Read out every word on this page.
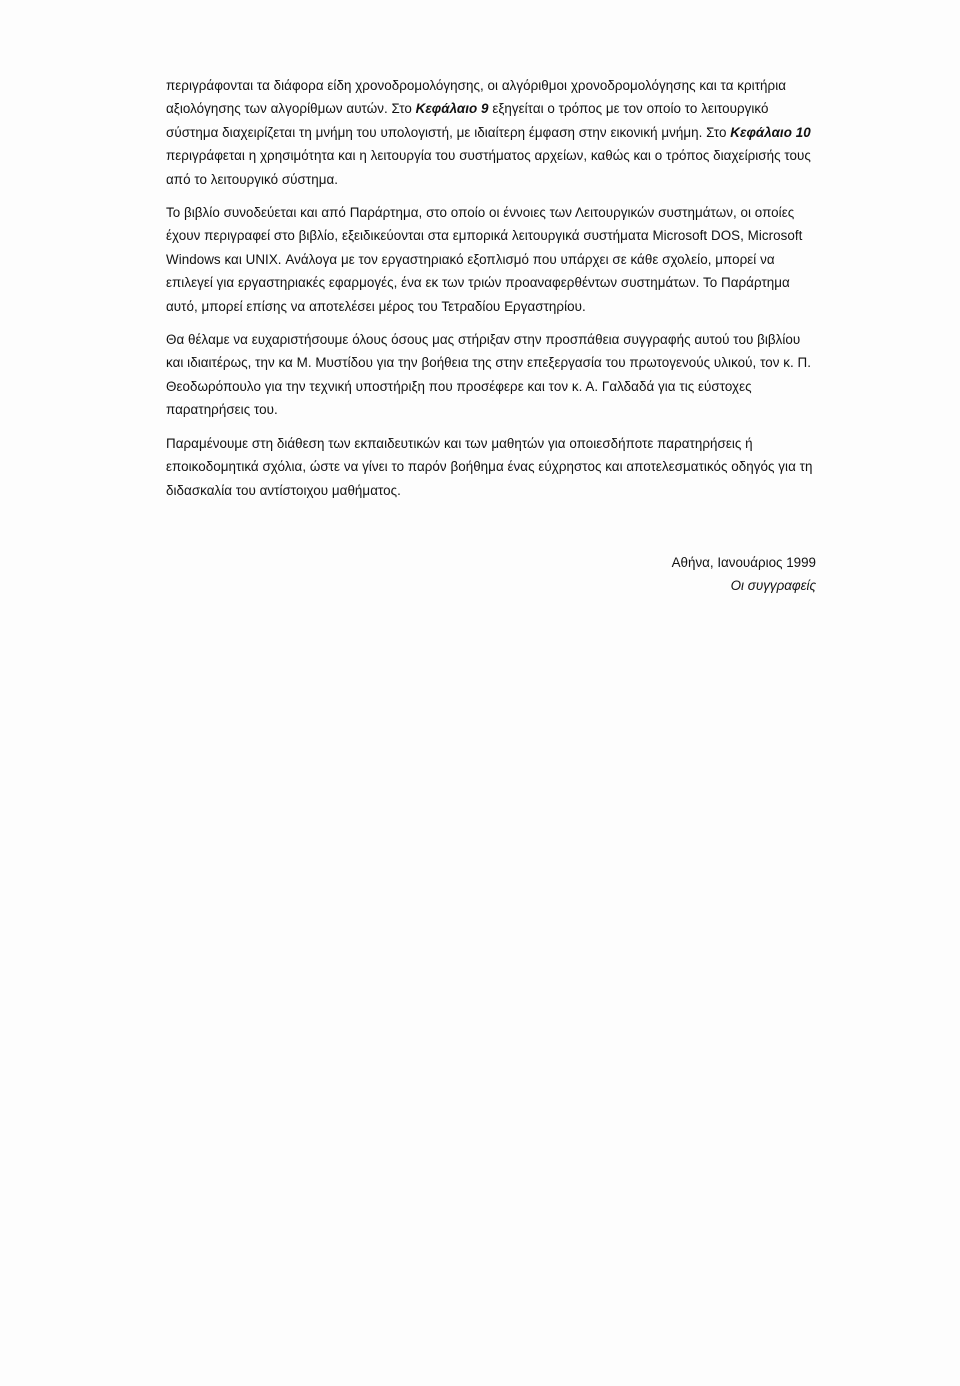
περιγράφονται τα διάφορα είδη χρονοδρομολόγησης, οι αλγόριθμοι χρονοδρομολόγησης και τα κριτήρια αξιολόγησης των αλγορίθμων αυτών. Στο Κεφάλαιο 9 εξηγείται ο τρόπος με τον οποίο το λειτουργικό σύστημα διαχειρίζεται τη μνήμη του υπολογιστή, με ιδιαίτερη έμφαση στην εικονική μνήμη. Στο Κεφάλαιο 10 περιγράφεται η χρησιμότητα και η λειτουργία του συστήματος αρχείων, καθώς και ο τρόπος διαχείρισής τους από το λειτουργικό σύστημα.

Το βιβλίο συνοδεύεται και από Παράρτημα, στο οποίο οι έννοιες των Λειτουργικών συστημάτων, οι οποίες έχουν περιγραφεί στο βιβλίο, εξειδικεύονται στα εμπορικά λειτουργικά συστήματα Microsoft DOS, Microsoft Windows και UNIX. Ανάλογα με τον εργαστηριακό εξοπλισμό που υπάρχει σε κάθε σχολείο, μπορεί να επιλεγεί για εργαστηριακές εφαρμογές, ένα εκ των τριών προαναφερθέντων συστημάτων. Το Παράρτημα αυτό, μπορεί επίσης να αποτελέσει μέρος του Τετραδίου Εργαστηρίου.

Θα θέλαμε να ευχαριστήσουμε όλους όσους μας στήριξαν στην προσπάθεια συγγραφής αυτού του βιβλίου και ιδιαιτέρως, την κα Μ. Μυστίδου για την βοήθεια της στην επεξεργασία του πρωτογενούς υλικού, τον κ. Π. Θεοδωρόπουλο για την τεχνική υποστήριξη που προσέφερε και τον κ. Α. Γαλδαδά για τις εύστοχες παρατηρήσεις του.

Παραμένουμε στη διάθεση των εκπαιδευτικών και των μαθητών για οποιεσδήποτε παρατηρήσεις ή εποικοδομητικά σχόλια, ώστε να γίνει το παρόν βοήθημα ένας εύχρηστος και αποτελεσματικός οδηγός για τη διδασκαλία του αντίστοιχου μαθήματος.

Αθήνα, Ιανουάριος 1999
Οι συγγραφείς
